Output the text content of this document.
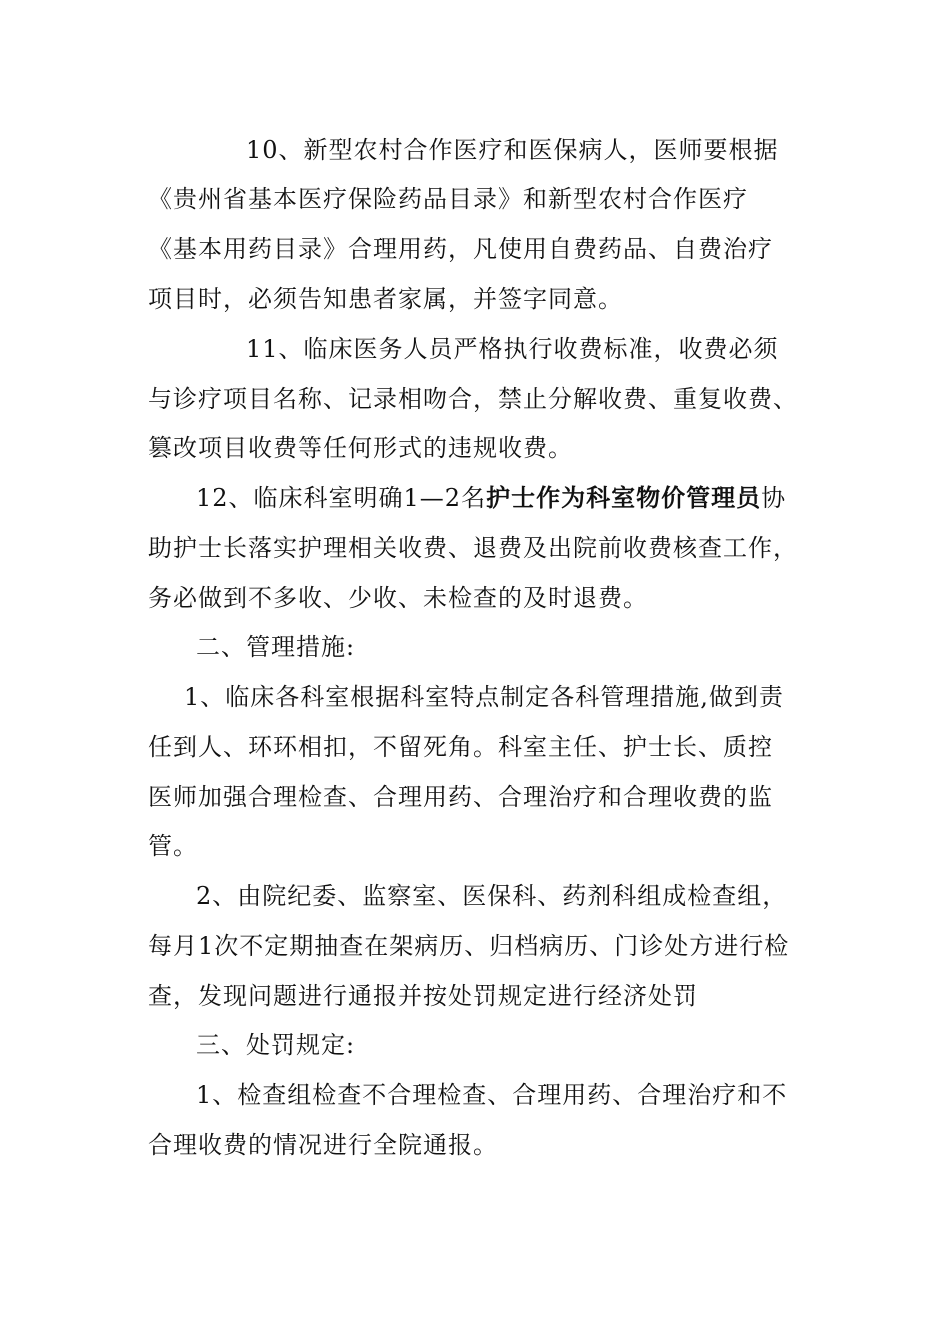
10、新型农村合作医疗和医保病人，医师要根据
《贵州省基本医疗保险药品目录》和新型农村合作医疗
《基本用药目录》合理用药，凡使用自费药品、自费治疗
项目时，必须告知患者家属，并签字同意。
11、临床医务人员严格执行收费标准，收费必须
与诊疗项目名称、记录相吻合，禁止分解收费、重复收费、
篡改项目收费等任何形式的违规收费。
12、临床科室明确1—2名护士作为科室物价管理员协
助护士长落实护理相关收费、退费及出院前收费核查工作，
务必做到不多收、少收、未检查的及时退费。
二、管理措施:
1、临床各科室根据科室特点制定各科管理措施,做到责
任到人、环环相扣，不留死角。科室主任、护士长、质控
医师加强合理检查、合理用药、合理治疗和合理收费的监
管。
2、由院纪委、监察室、医保科、药剂科组成检查组，
每月1次不定期抽查在架病历、归档病历、门诊处方进行检
查，发现问题进行通报并按处罚规定进行经济处罚
三、处罚规定:
1、检查组检查不合理检查、合理用药、合理治疗和不
合理收费的情况进行全院通报。
